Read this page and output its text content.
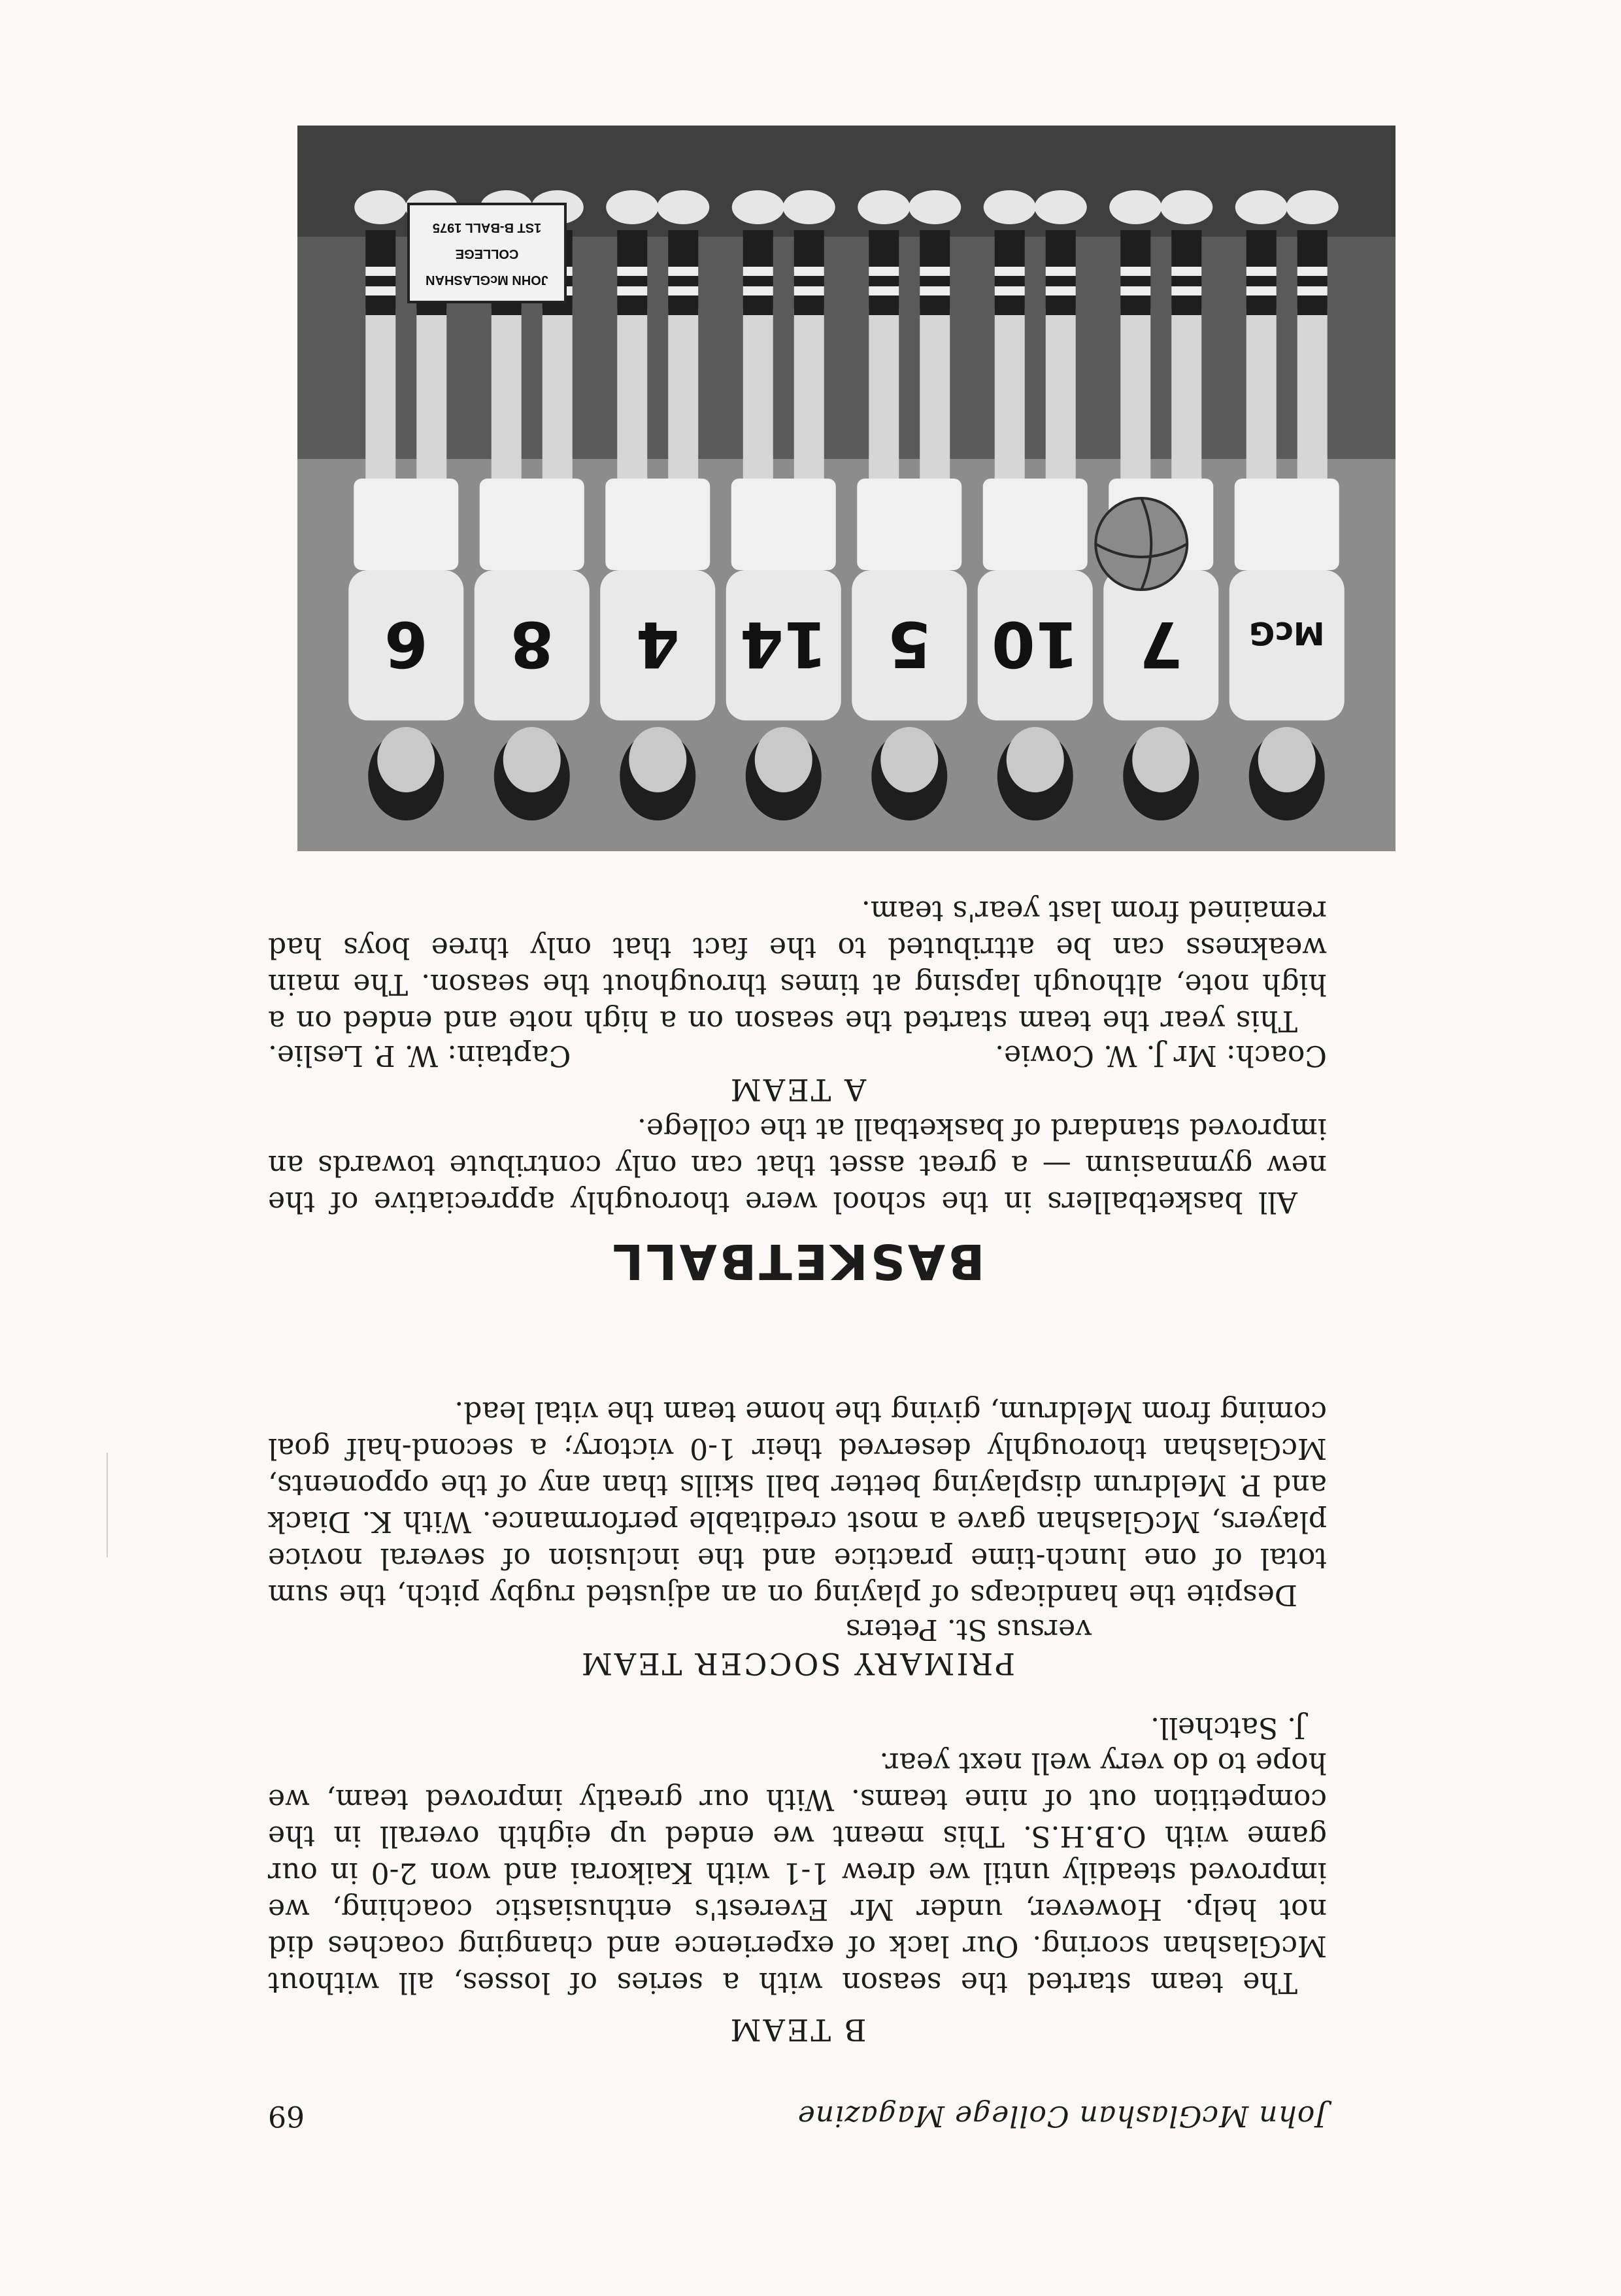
John McGlashan College Magazine
69

B TEAM

The team started the season with a series of losses, all without McGlashan scoring. Our lack of experience and changing coaches did not help. However, under Mr Everest's enthusiastic coaching, we improved steadily until we drew 1-1 with Kaikorai and won 2-0 in our game with O.B.H.S. This meant we ended up eighth overall in the competition out of nine teams. With our greatly improved team, we hope to do very well next year.

J. Satchell.

PRIMARY SOCCER TEAM

versus St. Peters

Despite the handicaps of playing on an adjusted rugby pitch, the sum total of one lunch-time practice and the inclusion of several novice players, McGlashan gave a most creditable performance. With K. Diack and P. Meldrum displaying better ball skills than any of the opponents, McGlashan thoroughly deserved their 1-0 victory; a second-half goal coming from Meldrum, giving the home team the vital lead.

BASKETBALL

All basketballers in the school were thoroughly appreciative of the new gymnasium — a great asset that can only contribute towards an improved standard of basketball at the college.

A TEAM

Coach: Mr J. W. Cowie.
Captain: W. P. Leslie.

This year the team started the season on a high note and ended on a high note, although lapsing at times throughout the season. The main weakness can be attributed to the fact that only three boys had remained from last year's team.

McG
7
10
5
14
4
8
6
JOHN McGLASHAN
COLLEGE
1ST B-BALL 1975
